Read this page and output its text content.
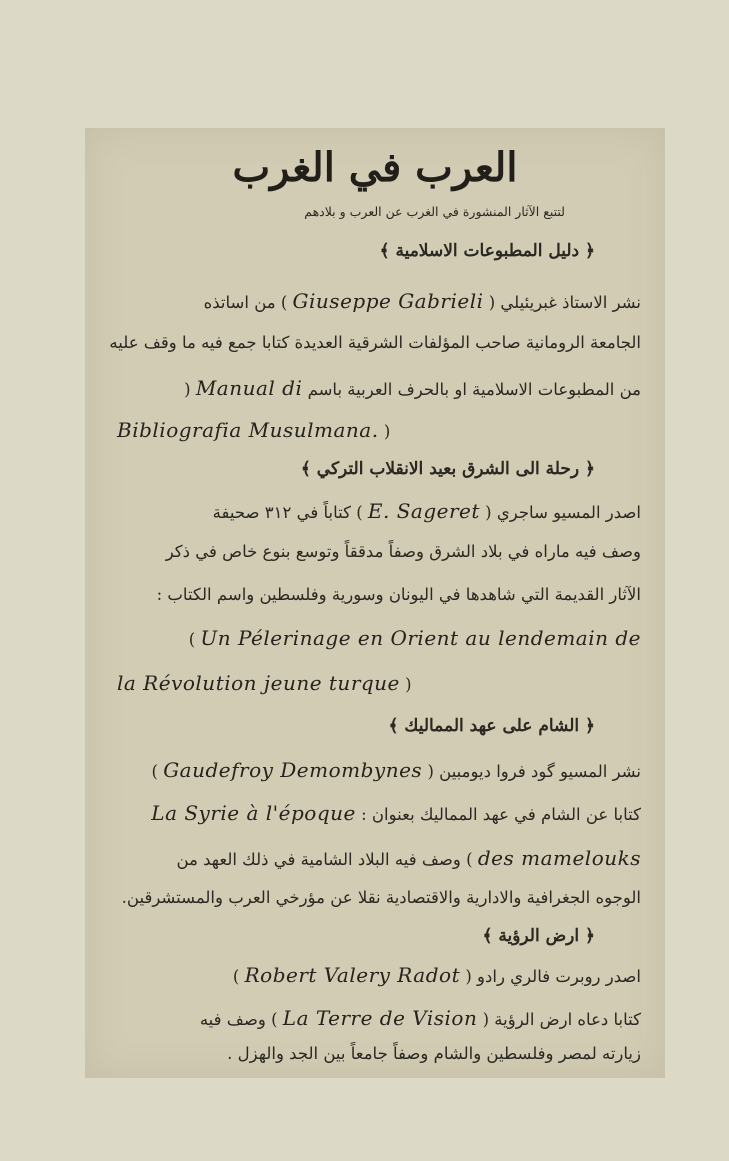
العرب في الغرب
لتتبع الآثار المنشورة في الغرب عن العرب و بلادهم
﴿ دليل المطبوعات الاسلامية ﴾
نشر الاستاذ غبريئيلي ( Giuseppe Gabrieli ) من اساتذه
الجامعة الرومانية صاحب المؤلفات الشرقية العديدة كتابا جمع فيه ما وقف عليه
من المطبوعات الاسلامية او بالحرف العربية باسم Manual di (
Bibliografia Musulmana. )
﴿ رحلة الى الشرق بعيد الانقلاب التركي ﴾
اصدر المسيو ساجري ( E. Sageret ) كتاباً في ٣١٢ صحيفة
وصف فيه ماراه في بلاد الشرق وصفاً مدققاً وتوسع بنوع خاص في ذكر
الآثار القديمة التي شاهدها في اليونان وسورية وفلسطين واسم الكتاب :
( Un Pélerinage en Orient au lendemain de
la Révolution jeune turque )
﴿ الشام على عهد المماليك ﴾
نشر المسيو گود فروا ديومبين ( Gaudefroy Demombynes )
كتابا عن الشام في عهد المماليك بعنوان : La Syrie à l'époque
des mamelouks ) وصف فيه البلاد الشامية في ذلك العهد من
الوجوه الجغرافية والادارية والاقتصادية نقلا عن مؤرخي العرب والمستشرقين.
﴿ ارض الرؤية ﴾
اصدر روبرت فالري رادو ( Robert Valery Radot )
كتابا دعاه ارض الرؤية ( La Terre de Vision ) وصف فيه
زيارته لمصر وفلسطين والشام وصفاً جامعاً بين الجد والهزل .
